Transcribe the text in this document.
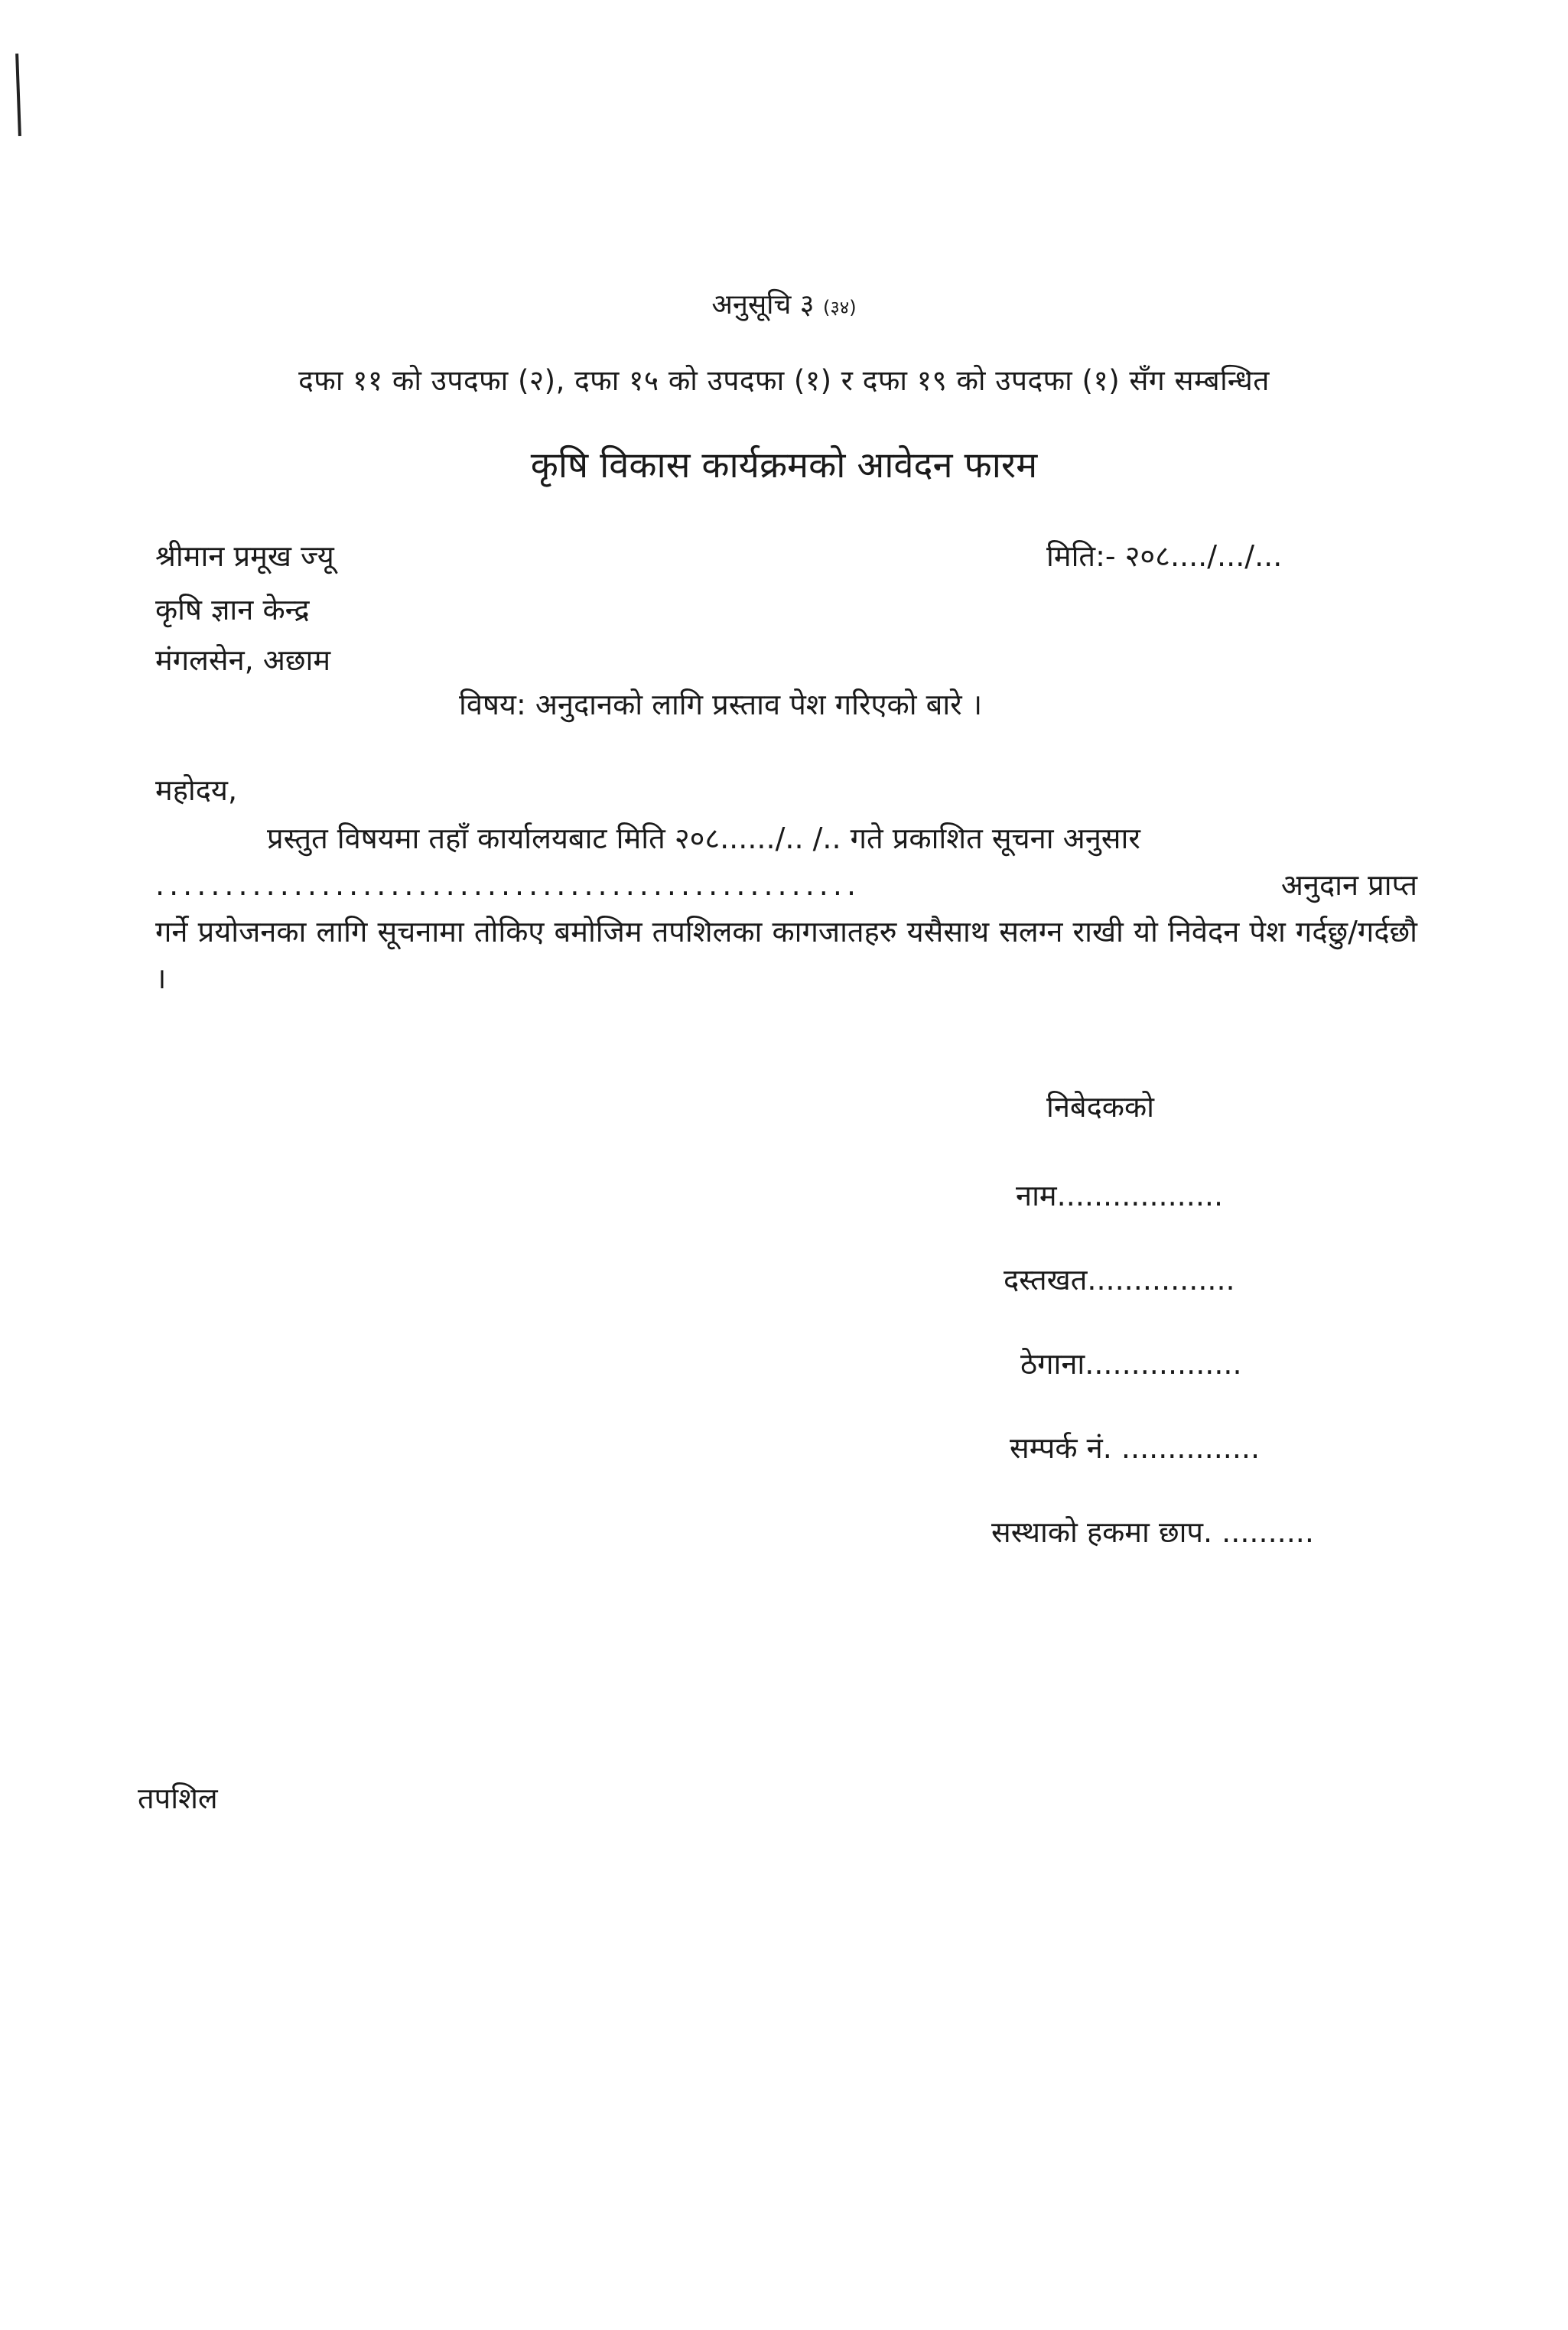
अनुसूचि ३ (३४)
दफा ११ को उपदफा (२), दफा १५ को उपदफा (१) र दफा १९ को उपदफा (१) सँग सम्बन्धित
कृषि विकास कार्यक्रमको आवेदन फारम
श्रीमान प्रमूख ज्यू
कृषि ज्ञान केन्द्र
मंगलसेन, अछाम
मिति:- २०८..../.../...
विषय: अनुदानको लागि प्रस्ताव पेश गरिएको बारे ।
महोदय,
प्रस्तुत विषयमा तहाँ कार्यालयबाट मिति २०८....../.. /.. गते प्रकाशित सूचना अनुसार
...................................................	अनुदान प्राप्त
गर्ने प्रयोजनका लागि सूचनामा तोकिए बमोजिम तपशिलका कागजातहरु यसैसाथ सलग्न राखी यो निवेदन पेश गर्दछु/गर्दछौ ।
निबेदकको
नाम..................
दस्तखत................
ठेगाना.................
सम्पर्क नं. ...............
सस्थाको हकमा छाप. ..........
तपशिल
